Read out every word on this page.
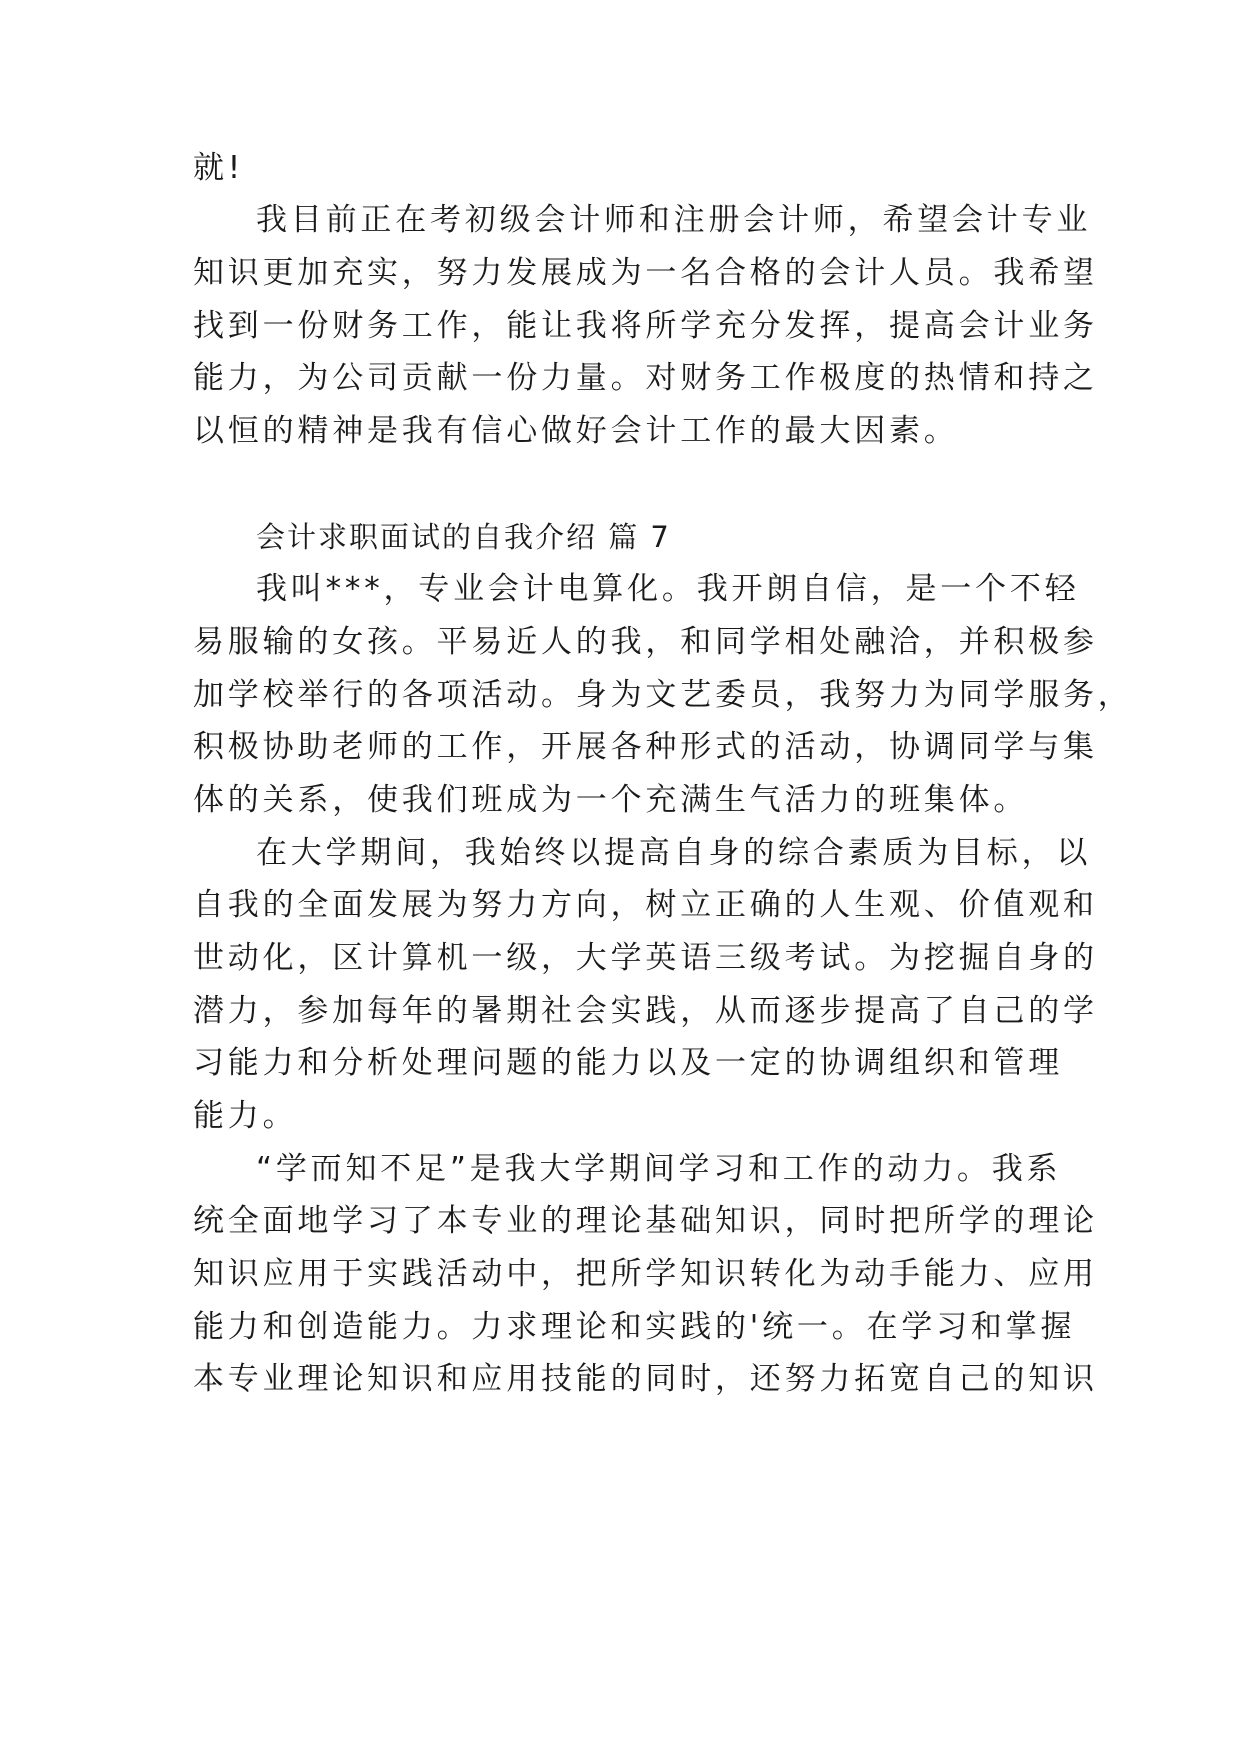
就!
我目前正在考初级会计师和注册会计师，希望会计专业
知识更加充实，努力发展成为一名合格的会计人员。我希望
找到一份财务工作，能让我将所学充分发挥，提高会计业务
能力，为公司贡献一份力量。对财务工作极度的热情和持之
以恒的精神是我有信心做好会计工作的最大因素。
会计求职面试的自我介绍 篇 7
我叫***，专业会计电算化。我开朗自信，是一个不轻
易服输的女孩。平易近人的我，和同学相处融洽，并积极参
加学校举行的各项活动。身为文艺委员，我努力为同学服务，
积极协助老师的工作，开展各种形式的活动，协调同学与集
体的关系，使我们班成为一个充满生气活力的班集体。
在大学期间，我始终以提高自身的综合素质为目标，以
自我的全面发展为努力方向，树立正确的人生观、价值观和
世动化，区计算机一级，大学英语三级考试。为挖掘自身的
潜力，参加每年的暑期社会实践，从而逐步提高了自己的学
习能力和分析处理问题的能力以及一定的协调组织和管理
能力。
“学而知不足”是我大学期间学习和工作的动力。我系
统全面地学习了本专业的理论基础知识，同时把所学的理论
知识应用于实践活动中，把所学知识转化为动手能力、应用
能力和创造能力。力求理论和实践的'统一。在学习和掌握
本专业理论知识和应用技能的同时，还努力拓宽自己的知识
